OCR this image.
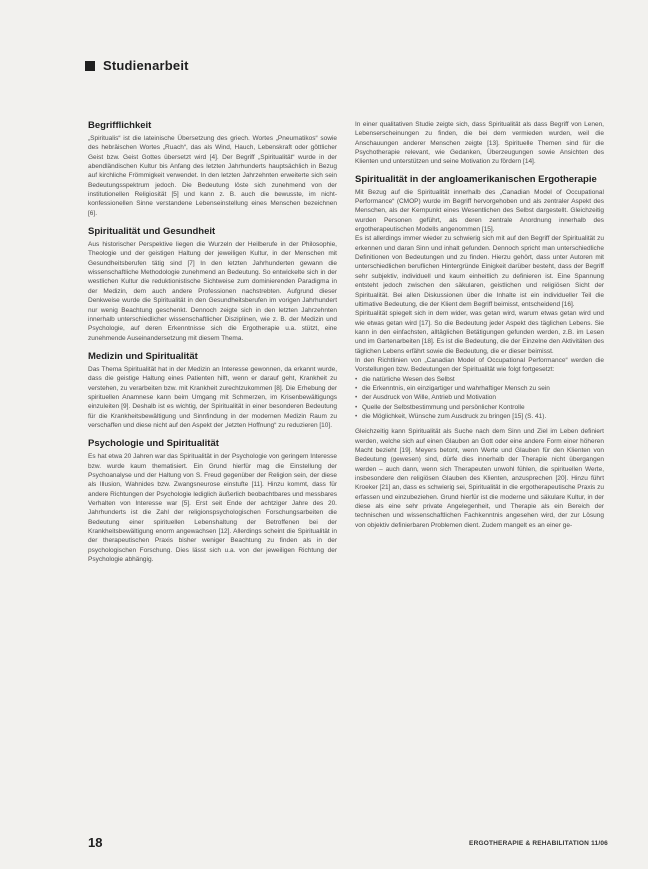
Studienarbeit
Begrifflichkeit

„Spiritualis“ ist die lateinische Übersetzung des griech. Wortes „Pneumatikos“ sowie des hebräischen Wortes „Ruach“, das als Wind, Hauch, Lebenskraft oder göttlicher Geist bzw. Geist Gottes übersetzt wird [4]. Der Begriff „Spiritualität“ wurde in der abendländischen Kultur bis Anfang des letzten Jahrhunderts hauptsächlich in Bezug auf kirchliche Frömmigkeit verwendet. In den letzten Jahrzehnten erweiterte sich sein Bedeutungsspektrum jedoch. Die Bedeutung löste sich zunehmend von der institutionellen Religiosität [5] und kann z. B. auch die bewusste, im nicht-konfessionellen Sinne verstandene Lebenseinstellung eines Menschen bezeichnen [6].

Spiritualität und Gesundheit

Aus historischer Perspektive liegen die Wurzeln der Heilberufe in der Philosophie, Theologie und der geistigen Haltung der jeweiligen Kultur, in der Menschen mit Gesundheitsberufen tätig sind [7] In den letzten Jahrhunderten gewann die wissenschaftliche Methodologie zunehmend an Bedeutung. So entwickelte sich in der westlichen Kultur die reduktionistische Sichtweise zum dominierenden Paradigma in der Medizin, dem auch andere Professionen nachstrebten. Aufgrund dieser Denkweise wurde die Spiritualität in den Gesundheitsberufen im vorigen Jahrhundert nur wenig Beachtung geschenkt. Dennoch zeigte sich in den letzten Jahrzehnten innerhalb unterschiedlicher wissenschaftlicher Disziplinen, wie z. B. der Medizin und Psychologie, auf deren Erkenntnisse sich die Ergotherapie u.a. stützt, eine zunehmende Auseinandersetzung mit diesem Thema.

Medizin und Spiritualität

Das Thema Spiritualität hat in der Medizin an Interesse gewonnen, da erkannt wurde, dass die geistige Haltung eines Patienten hilft, wenn er darauf geht, Krankheit zu verstehen, zu verarbeiten bzw. mit Krankheit zurechtzukommen [8]. Die Erhebung der spirituellen Anamnese kann beim Umgang mit Schmerzen, im Krisenbewältigungs einzuleiten [9]. Deshalb ist es wichtig, der Spiritualität in einer besonderen Bedeutung für die Krankheitsbewältigung und Sinnfindung in der modernen Medizin Raum zu verschaffen und diese nicht auf den Aspekt der „letzten Hoffnung“ zu reduzieren [10].

Psychologie und Spiritualität

Es hat etwa 20 Jahren war das Spiritualität in der Psychologie von geringem Interesse bzw. wurde kaum thematisiert. Ein Grund hierfür mag die Einstellung der Psychoanalyse und der Haltung von S. Freud gegenüber der Religion sein, der diese als Illusion, Wahnides bzw. Zwangsneurose einstufte [11]. Hinzu kommt, dass für andere Richtungen der Psychologie lediglich äußerlich beobachtbares und messbares Verhalten von Interesse war [5]. Erst seit Ende der achtziger Jahre des 20. Jahrhunderts ist die Zahl der religionspsychologischen Forschungsarbeiten die Bedeutung einer spirituellen Lebenshaltung der Betroffenen bei der Krankheitsbewältigung enorm angewachsen [12]. Allerdings scheint die Spiritualität in der therapeutischen Praxis bisher weniger Beachtung zu finden als in der psychologischen Forschung. Dies lässt sich u.a. von der jeweiligen Richtung der Psychologie abhängig.

In einer qualitativen Studie zeigte sich, dass Spiritualität als dass Begriff von Lenen, Lebenserscheinungen zu finden, die bei dem vermieden wurden, weil die Anschauungen anderer Menschen zeigte [13]. Spirituelle Themen sind für die Psychotherapie relevant, wie Gedanken, Überzeugungen sowie Ansichten des Klienten und unterstützen und seine Motivation zu fördern [14].

Spiritualität in der angloamerikanischen Ergotherapie

Mit Bezug auf die Spiritualität innerhalb des „Canadian Model of Occupational Performance“ (CMOP) wurde im Begriff hervorgehoben und als zentraler Aspekt des Menschen, als der Kernpunkt eines Wesentlichen des Selbst dargestellt. Gleichzeitig wurden Personen geführt, als deren zentrale Anordnung innerhalb des ergotherapeutischen Modells angenommen [15].

Es ist allerdings immer wieder zu schwierig sich mit auf den Begriff der Spiritualität zu erkennen und daran Sinn und inhalt gefunden. Dennoch spricht man unterschiedliche Definitionen von Bedeutungen und zu finden. Hierzu gehört, dass unter Autoren mit unterschiedlichen beruflichen Hintergründe Einigkeit darüber besteht, dass der Begriff sehr subjektiv, individuell und kaum einheitlich zu definieren ist. Eine Spannung entsteht jedoch zwischen den säkularen, geistlichen und religiösen Sicht der Spiritualität. Bei allen Diskussionen über die Inhalte ist ein individueller Teil die ultimative Bedeutung, die der Klient dem Begriff beimisst, entscheidend [16].

Spiritualität spiegelt sich in dem wider, was getan wird, warum etwas getan wird und wie etwas getan wird [17]. So die Bedeutung jeder Aspekt des täglichen Lebens. Sie kann in den einfachsten, alltäglichen Betätigungen gefunden werden, z.B. im Lesen und im Gartenarbeiten [18]. Es ist die Bedeutung, die der Einzelne den Aktivitäten des täglichen Lebens erfährt sowie die Bedeutung, die er dieser beimisst.

In den Richtlinien von „Canadian Model of Occupational Performance“ werden die Vorstellungen bzw. Bedeutungen der Spiritualität wie folgt fortgesetzt:

• die natürliche Wesen des Selbst
• die Erkenntnis, ein einzigartiger und wahrhaftiger Mensch zu sein
• der Ausdruck von Wille, Antrieb und Motivation
• Quelle der Selbstbestimmung und persönlicher Kontrolle
• die Möglichkeit, Wünsche zum Ausdruck zu bringen [15] (S. 41).

Gleichzeitig kann Spiritualität als Suche nach dem Sinn und Ziel im Leben definiert werden, welche sich auf einen Glauben an Gott oder eine andere Form einer höheren Macht bezieht [19]. Meyers betont, wenn Werte und Glauben für den Klienten von Bedeutung (gewesen) sind, dürfe dies innerhalb der Therapie nicht übergangen werden – auch dann, wenn sich Therapeuten unwohl fühlen, die spirituellen Werte, insbesondere den religiösen Glauben des Klienten, anzusprechen [20]. Hinzu führt Kroeker [21] an, dass es schwierig sei, Spiritualität in die ergotherapeutische Praxis zu erfassen und einzubeziehen. Grund hierfür ist die moderne und säkulare Kultur, in der diese als eine sehr private Angelegenheit, und Therapie als ein Bereich der technischen und wissenschaftlichen Fachkenntnis angesehen wird, der zur Lösung von objektiv definierbaren Problemen dient. Zudem mangelt es an einer ge-

18	ERGOTHERAPIE & REHABILITATION 11/06
